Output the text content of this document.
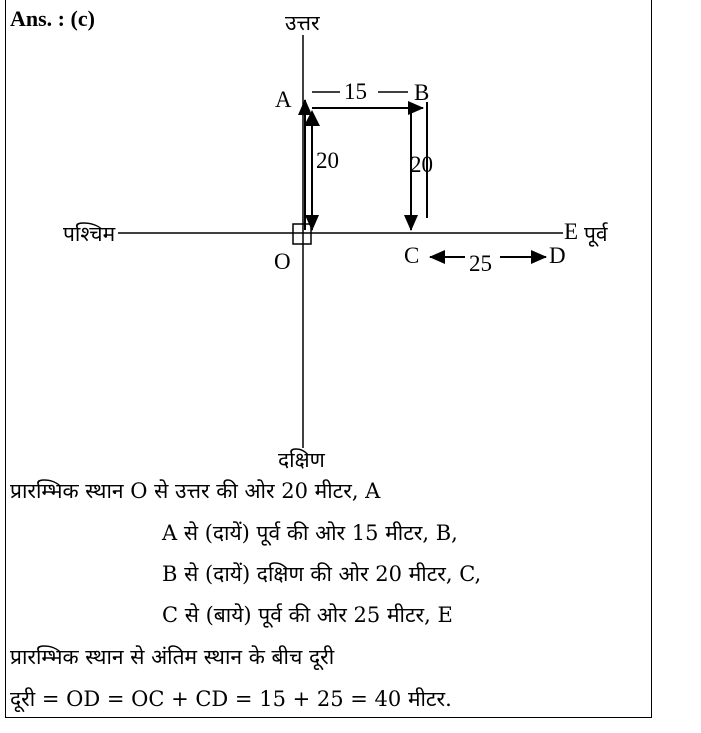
Ans. : (c)	उत्तर
दक्षिण
पश्चिम	पूर्व
O
A	B
C	D
E
15
20	20
25
प्रारम्भिक स्थान O से उत्तर की ओर 20 मीटर, A
A से (दायें) पूर्व की ओर 15 मीटर, B,
B से (दायें) दक्षिण की ओर 20 मीटर, C,
C से (बाये) पूर्व की ओर 25 मीटर, E
प्रारम्भिक स्थान से अंतिम स्थान के बीच दूरी
दूरी = OD = OC + CD = 15 + 25 = 40 मीटर.
